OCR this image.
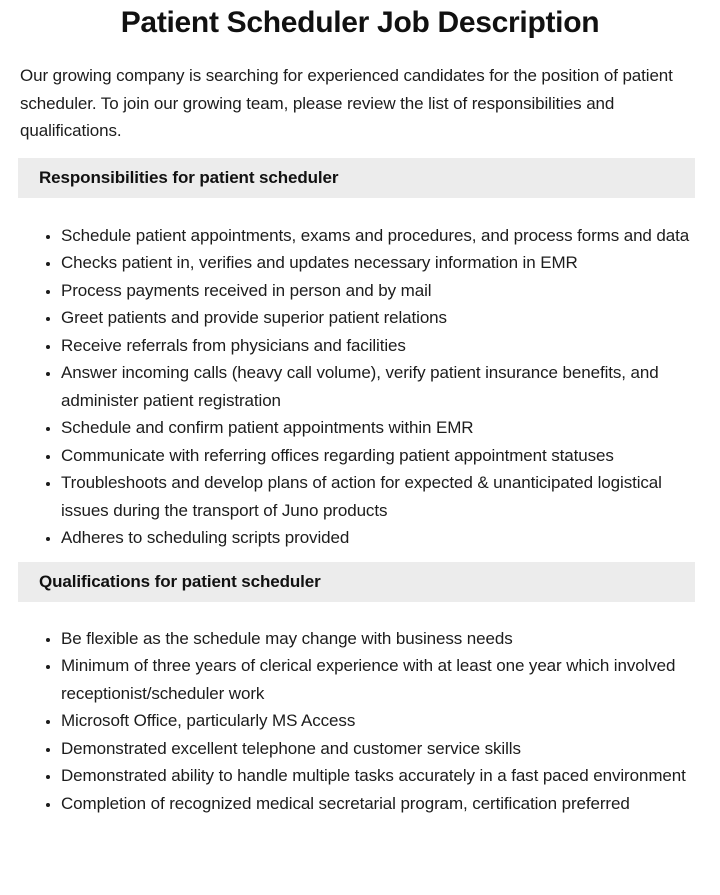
Patient Scheduler Job Description

Our growing company is searching for experienced candidates for the position of patient scheduler. To join our growing team, please review the list of responsibilities and qualifications.

Responsibilities for patient scheduler
• Schedule patient appointments, exams and procedures, and process forms and data
• Checks patient in, verifies and updates necessary information in EMR
• Process payments received in person and by mail
• Greet patients and provide superior patient relations
• Receive referrals from physicians and facilities
• Answer incoming calls (heavy call volume), verify patient insurance benefits, and administer patient registration
• Schedule and confirm patient appointments within EMR
• Communicate with referring offices regarding patient appointment statuses
• Troubleshoots and develop plans of action for expected & unanticipated logistical issues during the transport of Juno products
• Adheres to scheduling scripts provided
Qualifications for patient scheduler
• Be flexible as the schedule may change with business needs
• Minimum of three years of clerical experience with at least one year which involved receptionist/scheduler work
• Microsoft Office, particularly MS Access
• Demonstrated excellent telephone and customer service skills
• Demonstrated ability to handle multiple tasks accurately in a fast paced environment
• Completion of recognized medical secretarial program, certification preferred
